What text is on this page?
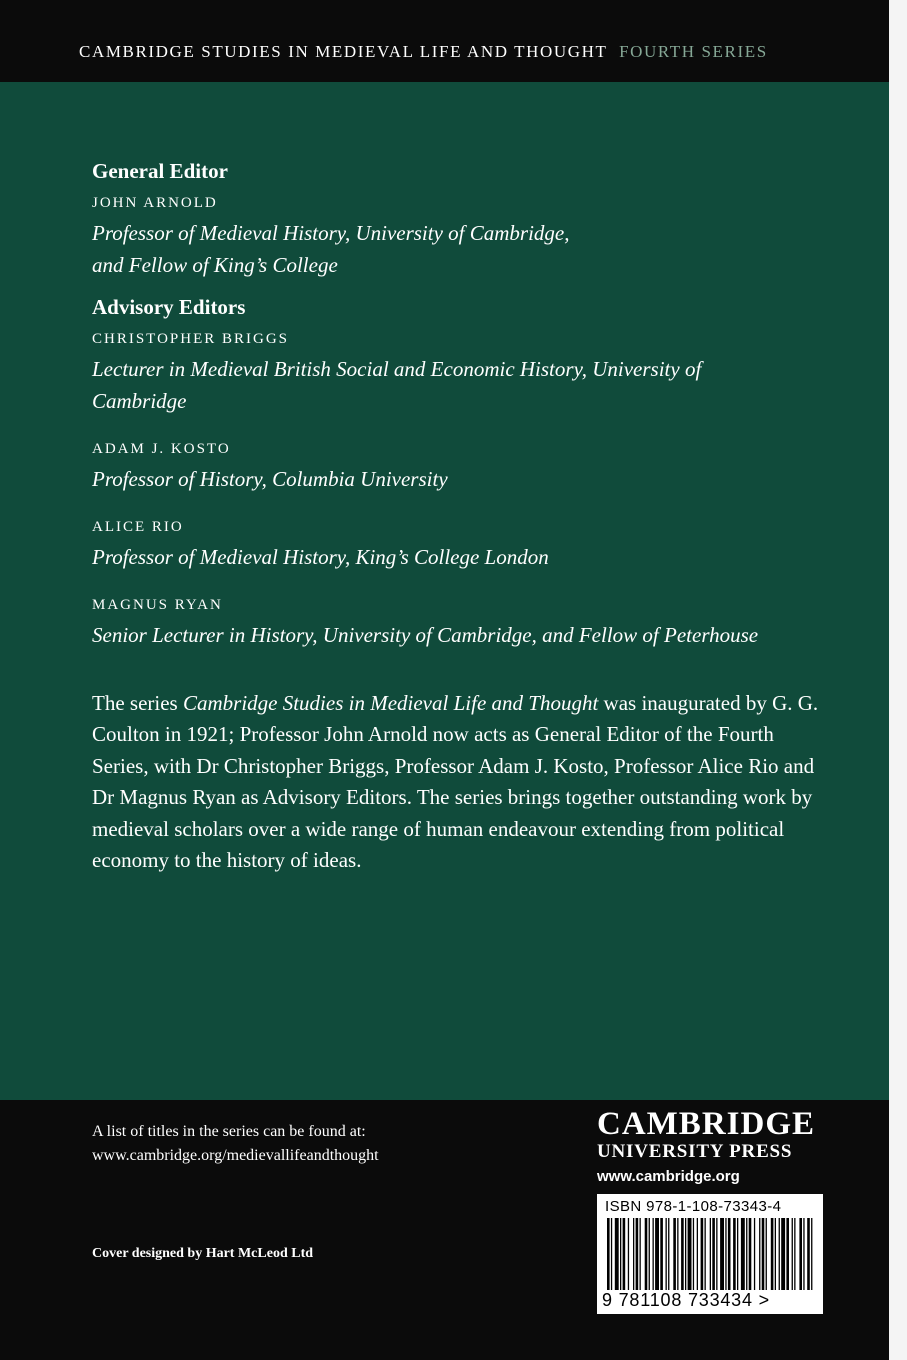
CAMBRIDGE STUDIES IN MEDIEVAL LIFE AND THOUGHT FOURTH SERIES
General Editor
JOHN ARNOLD
Professor of Medieval History, University of Cambridge,
and Fellow of King’s College
Advisory Editors
CHRISTOPHER BRIGGS
Lecturer in Medieval British Social and Economic History, University of
Cambridge
ADAM J. KOSTO
Professor of History, Columbia University
ALICE RIO
Professor of Medieval History, King’s College London
MAGNUS RYAN
Senior Lecturer in History, University of Cambridge, and Fellow of Peterhouse
The series Cambridge Studies in Medieval Life and Thought was inaugurated by G. G. Coulton in 1921; Professor John Arnold now acts as General Editor of the Fourth Series, with Dr Christopher Briggs, Professor Adam J. Kosto, Professor Alice Rio and Dr Magnus Ryan as Advisory Editors. The series brings together outstanding work by medieval scholars over a wide range of human endeavour extending from political economy to the history of ideas.
A list of titles in the series can be found at:
www.cambridge.org/medievallifeandthought
Cover designed by Hart McLeod Ltd
CAMBRIDGE
UNIVERSITY PRESS
www.cambridge.org
ISBN 978-1-108-73343-4
9 781108 733434 >
